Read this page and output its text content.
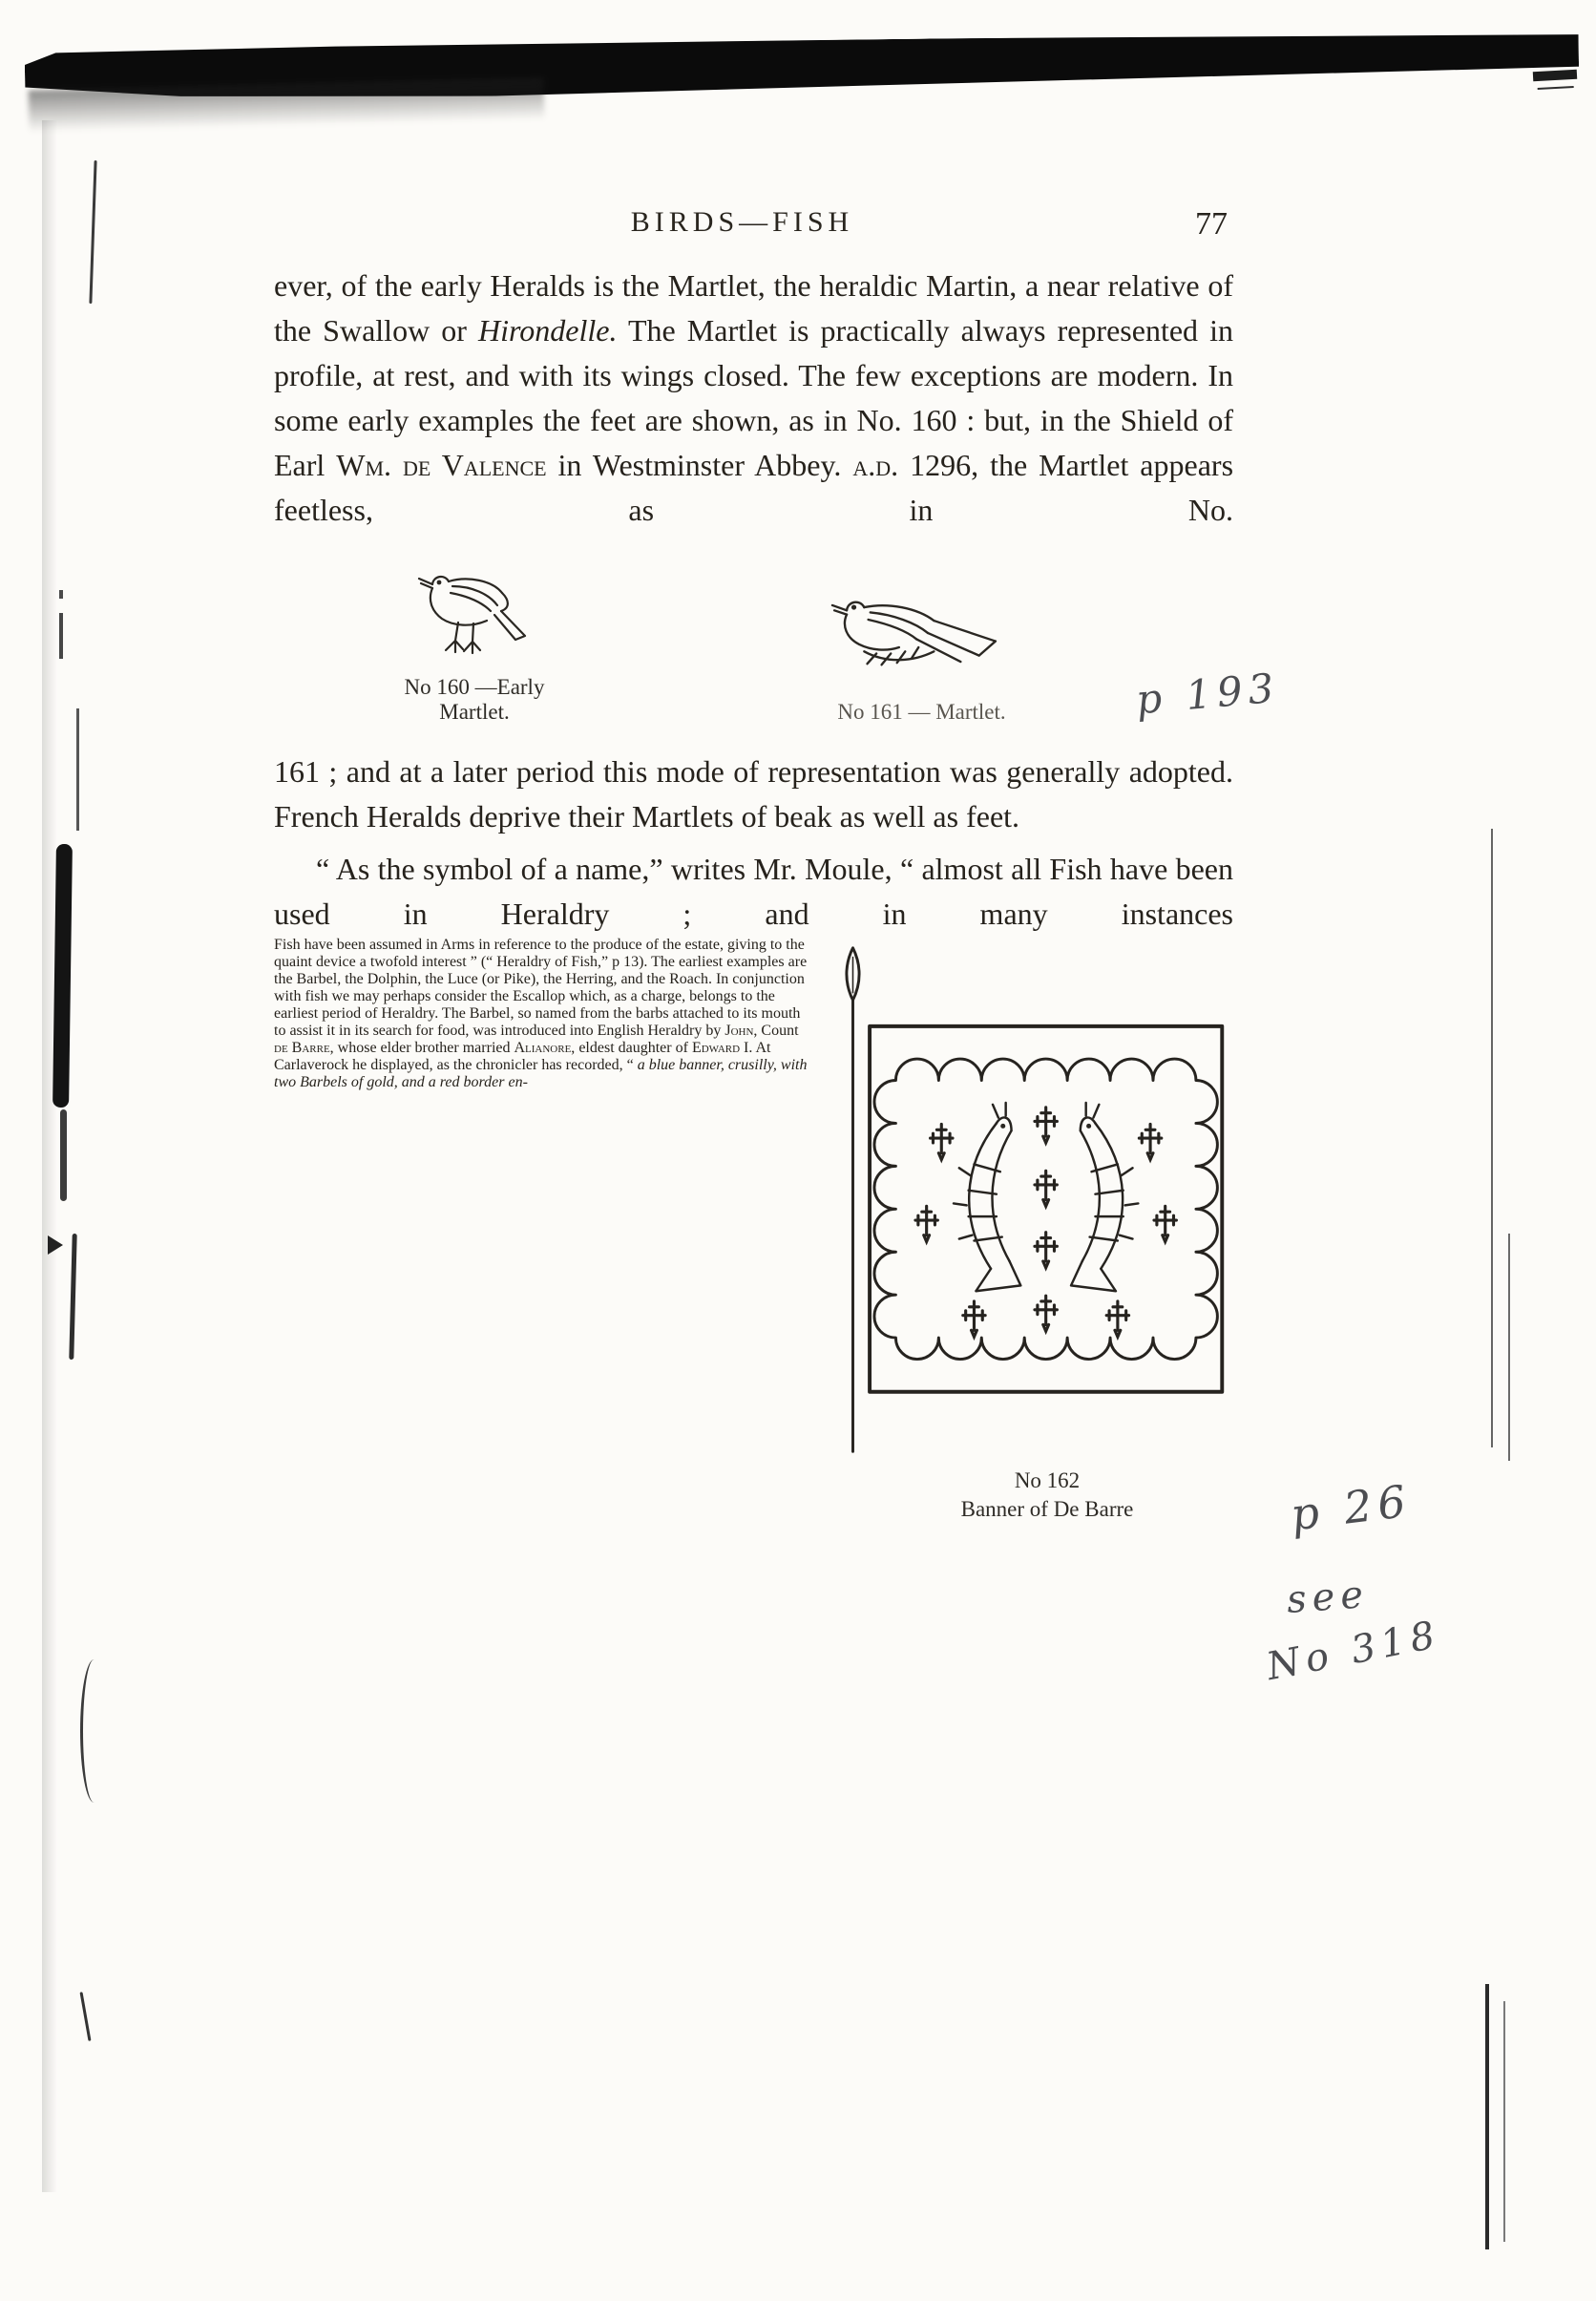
BIRDS—FISH	77

ever, of the early Heralds is the Martlet, the heraldic Martin, a near relative of the Swallow or Hirondelle. The Martlet is practically always represented in profile, at rest, and with its wings closed. The few exceptions are modern. In some early examples the feet are shown, as in No. 160 : but, in the Shield of Earl Wm. de Valence in Westminster Abbey. a.d. 1296, the Martlet appears feetless, as in No.

No 160 —Early Martlet.	No 161 — Martlet.

161 ; and at a later period this mode of representation was generally adopted. French Heralds deprive their Martlets of beak as well as feet.

“ As the symbol of a name,” writes Mr. Moule, “ almost all Fish have been used in Heraldry ; and in many instances

No 162
Banner of De Barre
Fish have been assumed in Arms in reference to the produce of the estate, giving to the quaint device a twofold interest ” (“ Heraldry of Fish,” p 13). The earliest examples are the Barbel, the Dolphin, the Luce (or Pike), the Herring, and the Roach. In conjunction with fish we may perhaps consider the Escallop which, as a charge, belongs to the earliest period of Heraldry. The Barbel, so named from the barbs attached to its mouth to assist it in its search for food, was introduced into English Heraldry by John, Count de Barre, whose elder brother married Alianore, eldest daughter of Edward I. At Carlaverock he displayed, as the chronicler has recorded, “ a blue banner, crusilly, with two Barbels of gold, and a red border en-

p 193
p 26
see
No 318
